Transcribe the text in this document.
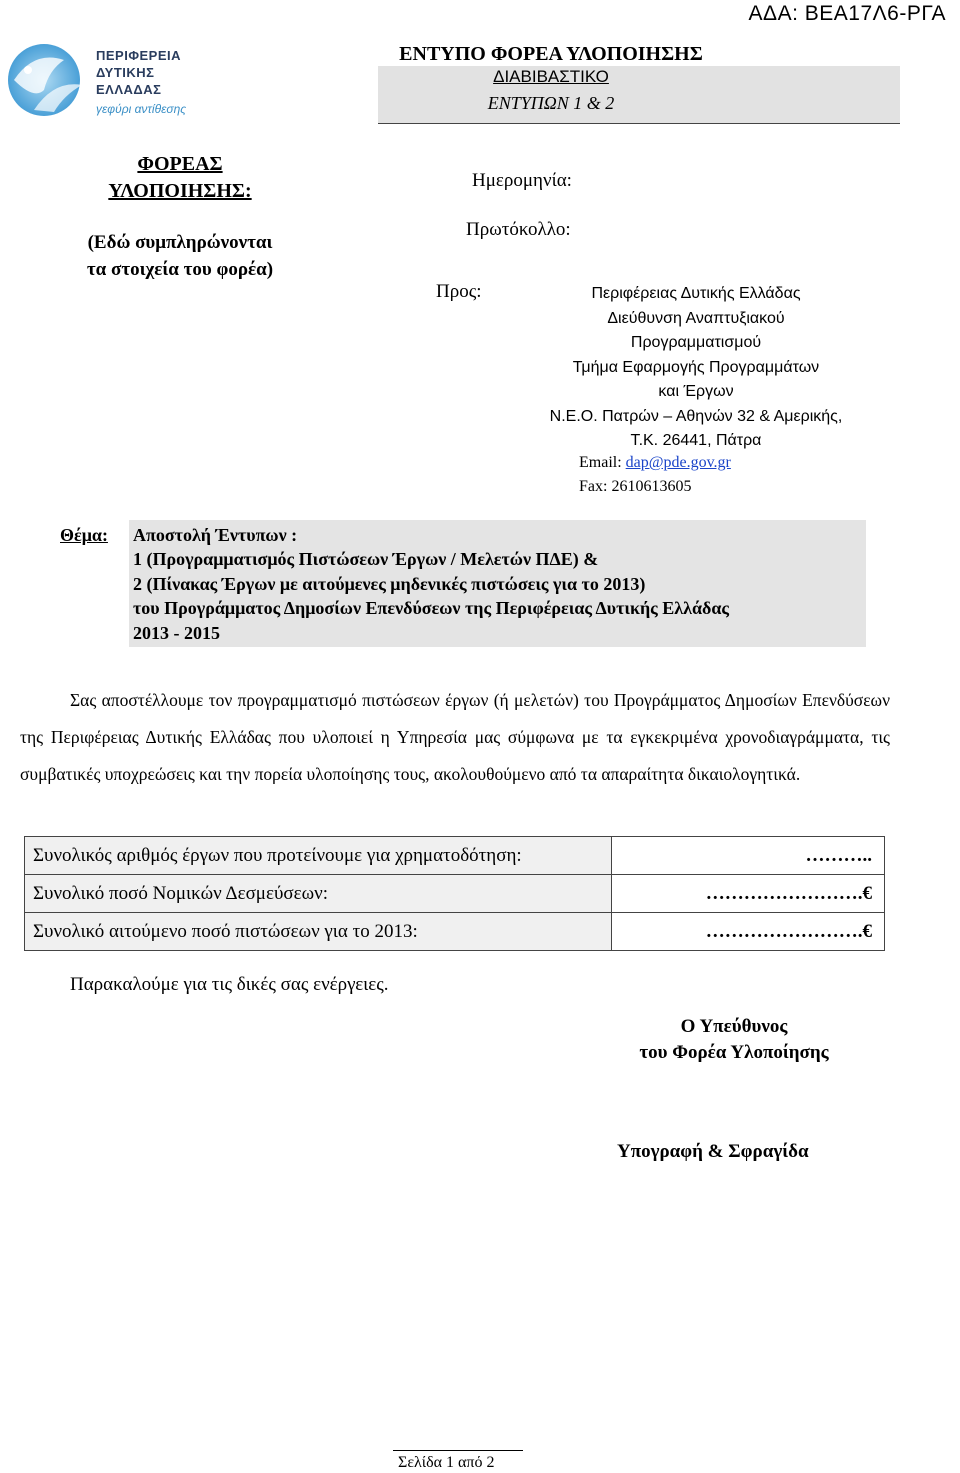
ΠΕΡΙΦΕΡΕΙΑ
ΔΥΤΙΚΗΣ
ΕΛΛΑΔΑΣ
γεφύρι αντίθεσης
ΑΔΑ: ΒΕΑ17Λ6-ΡΓΑ
ΕΝΤΥΠΟ ΦΟΡΕΑ ΥΛΟΠΟΙΗΣΗΣ
ΔΙΑΒΙΒΑΣΤΙΚΟ
ΕΝΤΥΠΩΝ 1 & 2
ΦΟΡΕΑΣ
ΥΛΟΠΟΙΗΣΗΣ:
(Εδώ συμπληρώνονται
τα στοιχεία του φορέα)
Ημερομηνία:
Πρωτόκολλο:
Προς:	Περιφέρειας Δυτικής Ελλάδας
Διεύθυνση Αναπτυξιακού
Προγραμματισμού
Τμήμα Εφαρμογής Προγραμμάτων
και Έργων
Ν.Ε.Ο. Πατρών – Αθηνών 32 & Αμερικής,
Τ.Κ. 26441, Πάτρα
Email: dap@pde.gov.gr
Fax: 2610613605
Θέμα: Αποστολή Έντυπων :
1 (Προγραμματισμός Πιστώσεων Έργων / Μελετών ΠΔΕ) &
2 (Πίνακας Έργων με αιτούμενες μηδενικές πιστώσεις για το 2013)
του Προγράμματος Δημοσίων Επενδύσεων της Περιφέρειας Δυτικής Ελλάδας
2013 - 2015
Σας αποστέλλουμε τον προγραμματισμό πιστώσεων έργων (ή μελετών) του Προγράμματος Δημοσίων Επενδύσεων της Περιφέρειας Δυτικής Ελλάδας που υλοποιεί η Υπηρεσία μας σύμφωνα με τα εγκεκριμένα χρονοδιαγράμματα, τις συμβατικές υποχρεώσεις και την πορεία υλοποίησης τους, ακολουθούμενο από τα απαραίτητα δικαιολογητικά.
Συνολικός αριθμός έργων που προτείνουμε για χρηματοδότηση:	………..
Συνολικό ποσό Νομικών Δεσμεύσεων:	…………………….€
Συνολικό αιτούμενο ποσό πιστώσεων για το 2013:	…………………….€
Παρακαλούμε για τις δικές σας ενέργειες.
Ο Υπεύθυνος
του Φορέα Υλοποίησης
Υπογραφή & Σφραγίδα
Σελίδα 1 από 2
